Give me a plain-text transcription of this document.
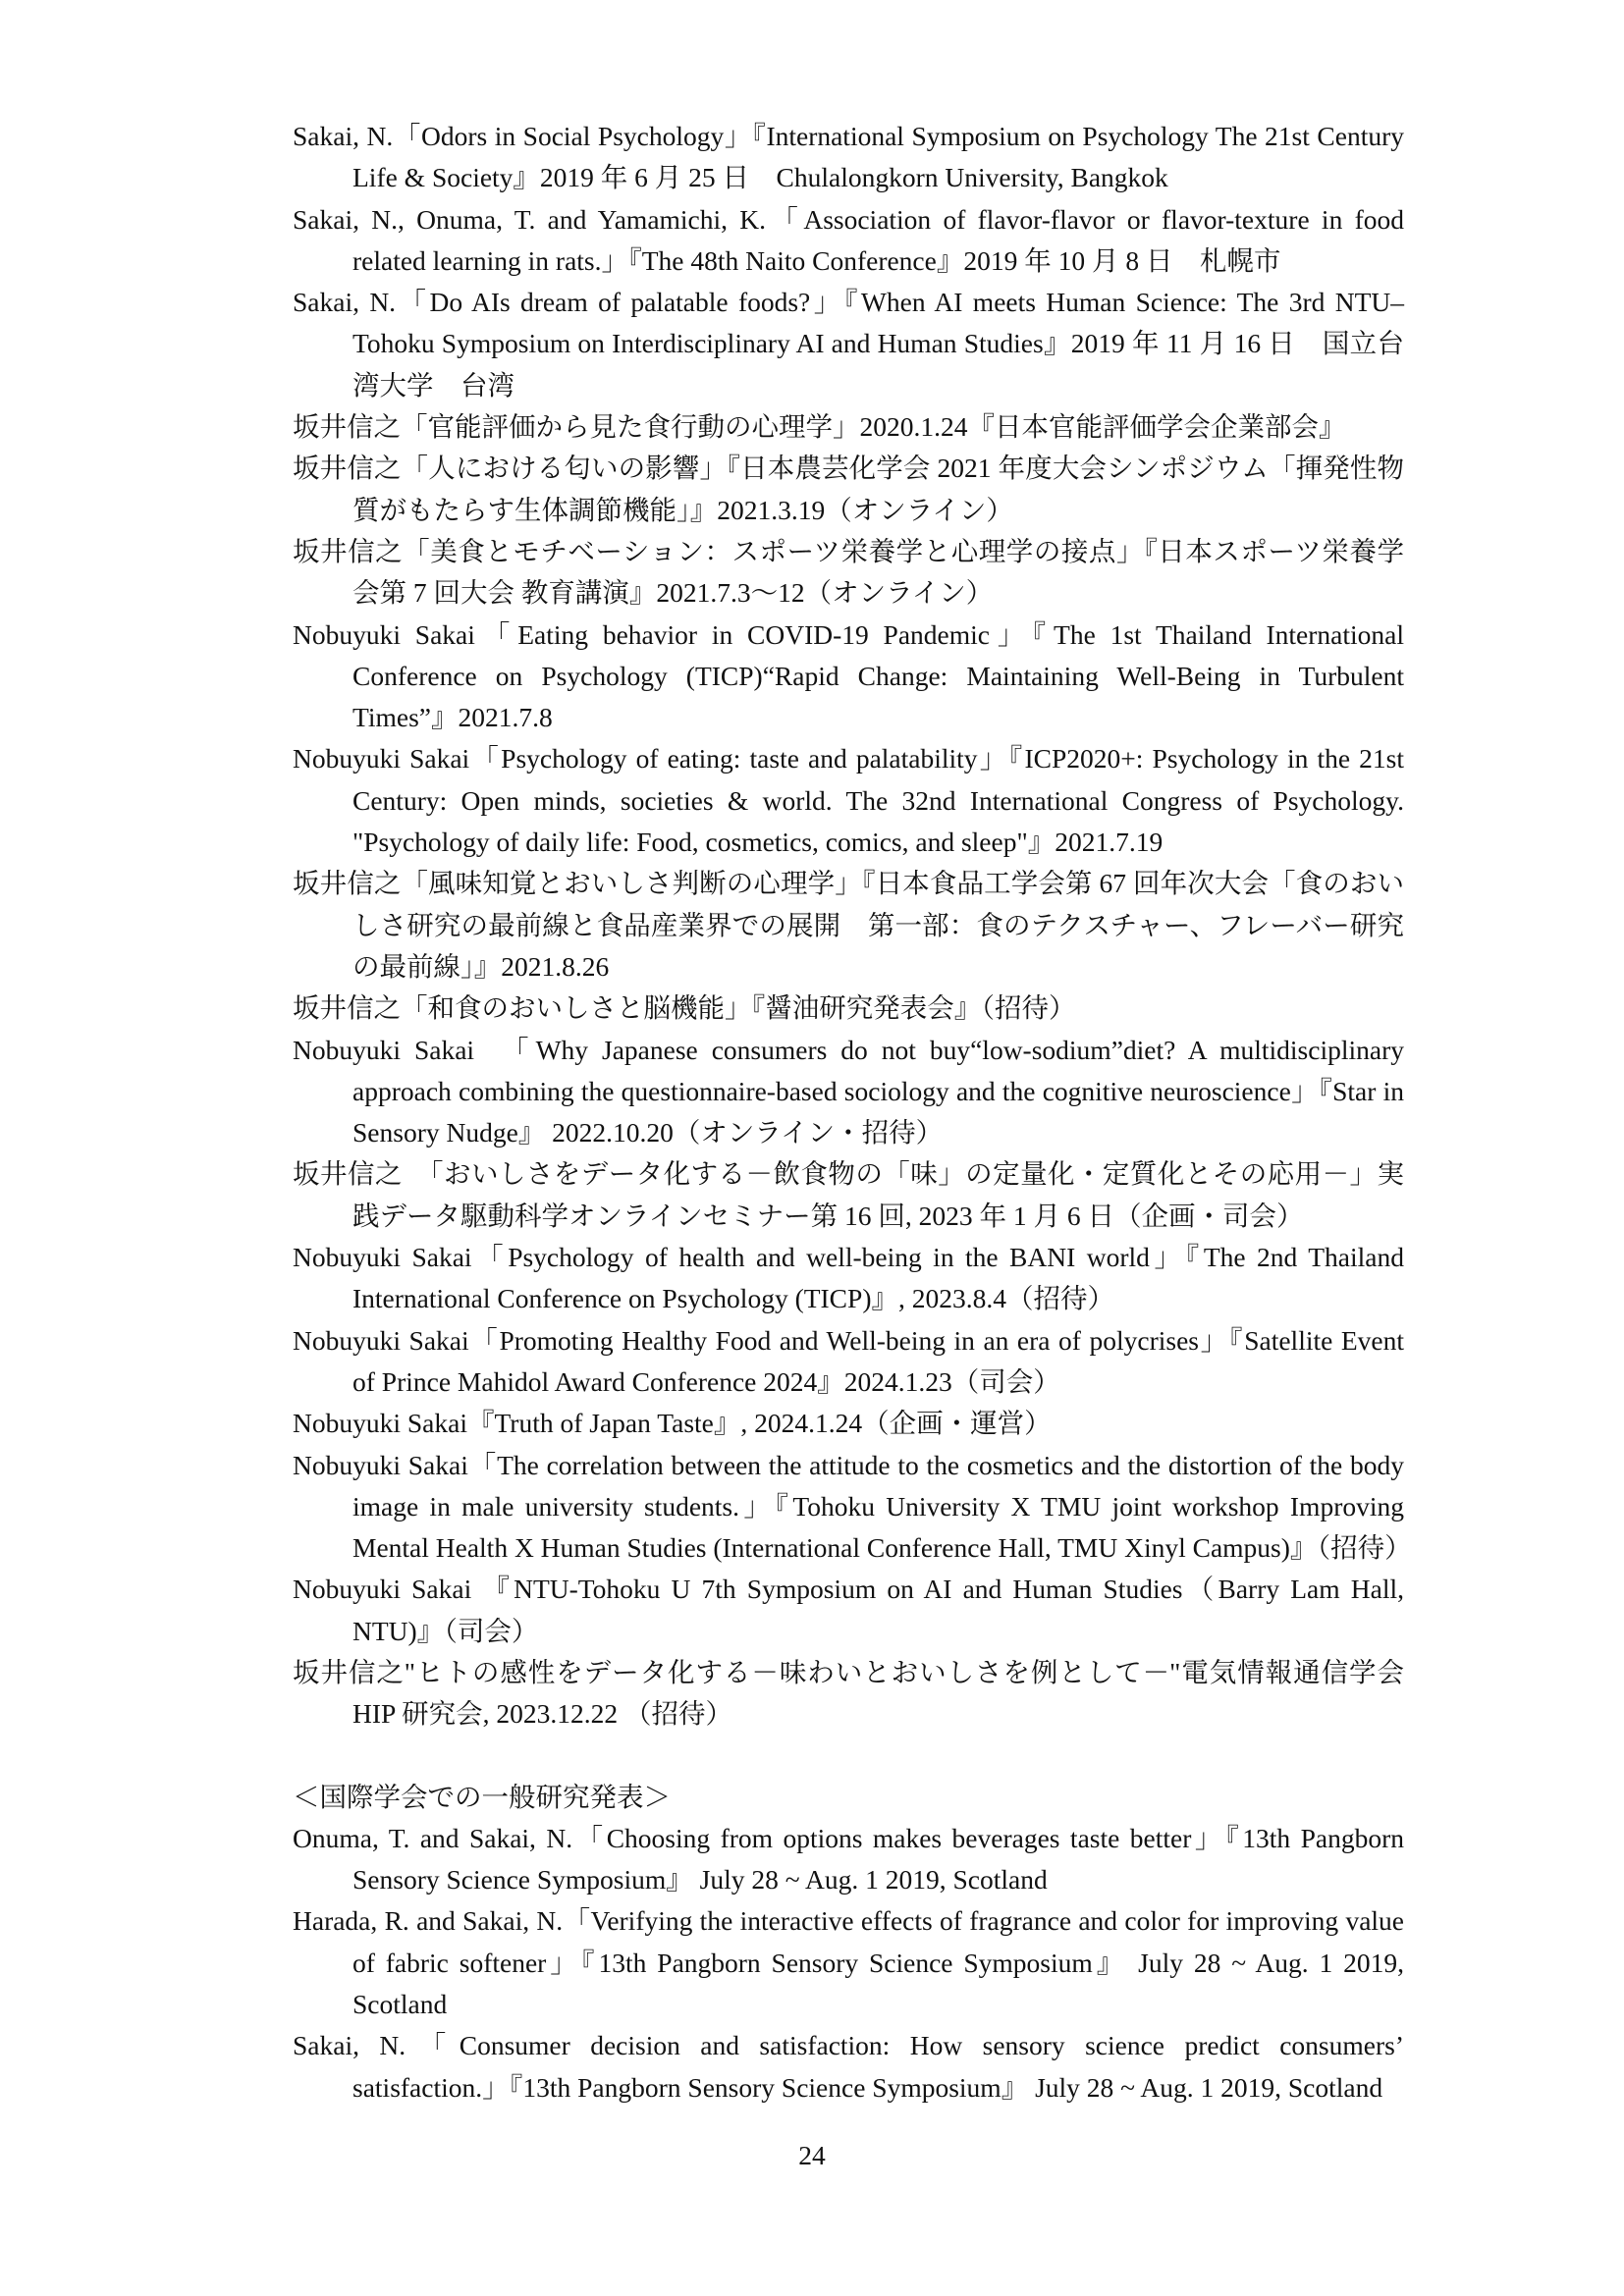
Sakai, N.「Odors in Social Psychology」『International Symposium on Psychology The 21st Century Life & Society』2019 年 6 月 25 日　Chulalongkorn University, Bangkok

Sakai, N., Onuma, T. and Yamamichi, K.「Association of flavor-flavor or flavor-texture in food related learning in rats.」『The 48th Naito Conference』2019 年 10 月 8 日　札幌市

Sakai, N.「Do AIs dream of palatable foods?」『When AI meets Human Science: The 3rd NTU–Tohoku Symposium on Interdisciplinary AI and Human Studies』2019 年 11 月 16 日　国立台湾大学　台湾

坂井信之「官能評価から見た食行動の心理学」2020.1.24『日本官能評価学会企業部会』

坂井信之「人における匂いの影響」『日本農芸化学会 2021 年度大会シンポジウム「揮発性物質がもたらす生体調節機能」』2021.3.19（オンライン）

坂井信之「美食とモチベーション：スポーツ栄養学と心理学の接点」『日本スポーツ栄養学会第 7 回大会 教育講演』2021.7.3～12（オンライン）

Nobuyuki Sakai「Eating behavior in COVID-19 Pandemic」『The 1st Thailand International Conference on Psychology (TICP)“Rapid Change: Maintaining Well-Being in Turbulent Times”』2021.7.8

Nobuyuki Sakai「Psychology of eating: taste and palatability」『ICP2020+: Psychology in the 21st Century: Open minds, societies & world. The 32nd International Congress of Psychology. "Psychology of daily life: Food, cosmetics, comics, and sleep"』2021.7.19

坂井信之「風味知覚とおいしさ判断の心理学」『日本食品工学会第 67 回年次大会「食のおいしさ研究の最前線と食品産業界での展開　第一部：食のテクスチャー、フレーバー研究の最前線」』2021.8.26

坂井信之「和食のおいしさと脳機能」『醤油研究発表会』（招待）

Nobuyuki Sakai　「Why Japanese consumers do not buy“low-sodium”diet? A multidisciplinary approach combining the questionnaire-based sociology and the cognitive neuroscience」『Star in Sensory Nudge』 2022.10.20（オンライン・招待）

坂井信之　「おいしさをデータ化する－飲食物の「味」の定量化・定質化とその応用－」実践データ駆動科学オンラインセミナー第 16 回, 2023 年 1 月 6 日（企画・司会）

Nobuyuki Sakai「Psychology of health and well-being in the BANI world」『The 2nd Thailand International Conference on Psychology (TICP)』, 2023.8.4（招待）

Nobuyuki Sakai「Promoting Healthy Food and Well-being in an era of polycrises」『Satellite Event of Prince Mahidol Award Conference 2024』2024.1.23（司会）

Nobuyuki Sakai『Truth of Japan Taste』, 2024.1.24（企画・運営）

Nobuyuki Sakai「The correlation between the attitude to the cosmetics and the distortion of the body image in male university students.」『Tohoku University X TMU joint workshop Improving Mental Health X Human Studies (International Conference Hall, TMU Xinyl Campus)』（招待）

Nobuyuki Sakai 『NTU-Tohoku U 7th Symposium on AI and Human Studies（Barry Lam Hall, NTU)』（司会）

坂井信之"ヒトの感性をデータ化する－味わいとおいしさを例として－"電気情報通信学会 HIP 研究会, 2023.12.22 （招待）

＜国際学会での一般研究発表＞

Onuma, T. and Sakai, N.「Choosing from options makes beverages taste better」『13th Pangborn Sensory Science Symposium』 July 28 ~ Aug. 1 2019, Scotland

Harada, R. and Sakai, N.「Verifying the interactive effects of fragrance and color for improving value of fabric softener」『13th Pangborn Sensory Science Symposium』 July 28 ~ Aug. 1 2019, Scotland

Sakai, N.「Consumer decision and satisfaction: How sensory science predict consumers’ satisfaction.」『13th Pangborn Sensory Science Symposium』 July 28 ~ Aug. 1 2019, Scotland

24
